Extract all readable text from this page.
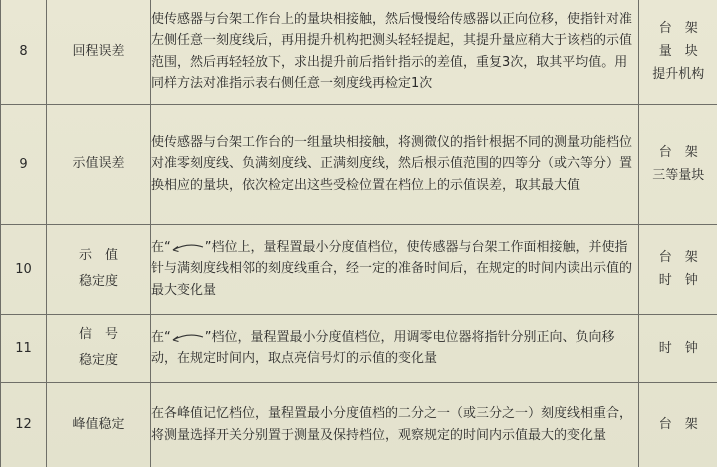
8	回程误差	使传感器与台架工作台上的量块相接触，然后慢慢给传感器以正向位移，使指针对准左侧任意一刻度线后，再用提升机构把测头轻轻提起，其提升量应稍大于该档的示值范围，然后再轻轻放下，求出提升前后指针指示的差值，重复3次，取其平均值。用同样方法对准指示表右侧任意一刻度线再检定1次	台　架
量　块
提升机构

9	示值误差	使传感器与台架工作台的一组量块相接触，将测微仪的指针根据不同的测量功能档位对准零刻度线、负满刻度线、正满刻度线，然后根示值范围的四等分（或六等分）置换相应的量块，依次检定出这些受检位置在档位上的示值误差，取其最大值	台　架
三等量块

10	示　值
稳定度	在“ ”档位上，量程置最小分度值档位，使传感器与台架工作面相接触，并使指针与满刻度线相邻的刻度线重合，经一定的准备时间后，在规定的时间内读出示值的最大变化量	台　架
时　钟

11	信　号
稳定度	在“ ”档位，量程置最小分度值档位，用调零电位器将指针分别正向、负向移动，在规定时间内，取点亮信号灯的示值的变化量	时　钟

12	峰值稳定	在各峰值记忆档位，量程置最小分度值档的二分之一（或三分之一）刻度线相重合，将测量选择开关分别置于测量及保持档位，观察规定的时间内示值最大的变化量	台　架
